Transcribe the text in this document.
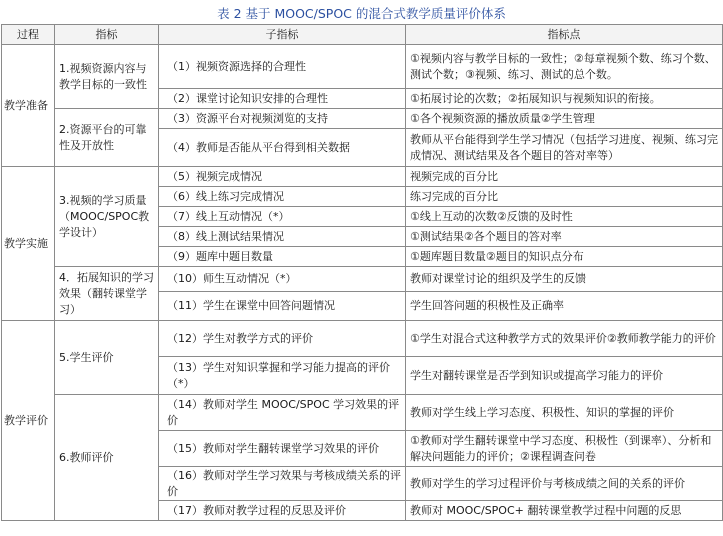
表 2 基于 MOOC/SPOC 的混合式教学质量评价体系
过程	指标	子指标	指标点
教学准备	1.视频资源内容与教学目标的一致性	（1）视频资源选择的合理性	①视频内容与教学目标的一致性；②每章视频个数、练习个数、测试个数；③视频、练习、测试的总个数。
		（2）课堂讨论知识安排的合理性	①拓展讨论的次数；②拓展知识与视频知识的衔接。
	2.资源平台的可靠性及开放性	（3）资源平台对视频浏览的支持	①各个视频资源的播放质量②学生管理
		（4）教师是否能从平台得到相关数据	教师从平台能得到学生学习情况（包括学习进度、视频、练习完成情况、测试结果及各个题目的答对率等）
教学实施	3.视频的学习质量（MOOC/SPOC教学设计）	（5）视频完成情况	视频完成的百分比
		（6）线上练习完成情况	练习完成的百分比
		（7）线上互动情况（*）	①线上互动的次数②反馈的及时性
		（8）线上测试结果情况	①测试结果②各个题目的答对率
		（9）题库中题目数量	①题库题目数量②题目的知识点分布
	4．拓展知识的学习效果（翻转课堂学习）	（10）师生互动情况（*）	教师对课堂讨论的组织及学生的反馈
		（11）学生在课堂中回答问题情况	学生回答问题的积极性及正确率
教学评价	5.学生评价	（12）学生对教学方式的评价	①学生对混合式这种教学方式的效果评价②教师教学能力的评价
		（13）学生对知识掌握和学习能力提高的评价（*）	学生对翻转课堂是否学到知识或提高学习能力的评价
	6.教师评价	（14）教师对学生 MOOC/SPOC 学习效果的评价	教师对学生线上学习态度、积极性、知识的掌握的评价
		（15）教师对学生翻转课堂学习效果的评价	①教师对学生翻转课堂中学习态度、积极性（到课率）、分析和解决问题能力的评价；②课程调查问卷
		（16）教师对学生学习效果与考核成绩关系的评价	教师对学生的学习过程评价与考核成绩之间的关系的评价
		（17）教师对教学过程的反思及评价	教师对 MOOC/SPOC+ 翻转课堂教学过程中问题的反思
